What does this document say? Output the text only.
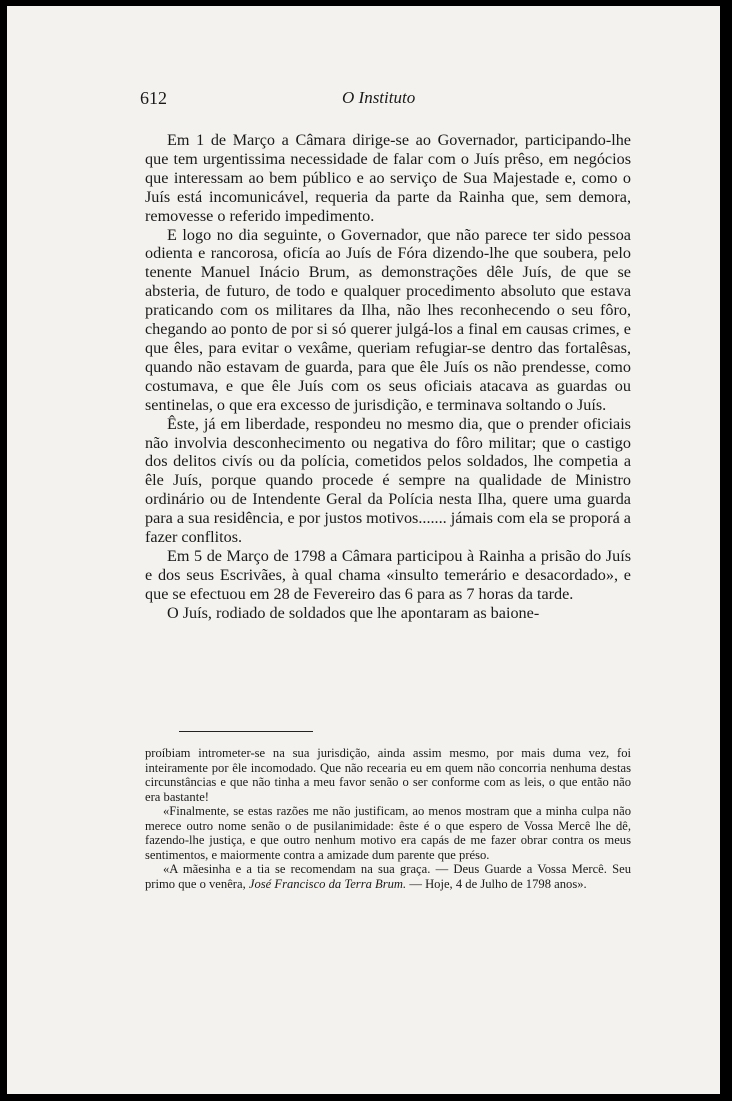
612	O Instituto

Em 1 de Março a Câmara dirige-se ao Governador, participando-lhe que tem urgentissima necessidade de falar com o Juís prêso, em negócios que interessam ao bem público e ao serviço de Sua Majestade e, como o Juís está incomunicável, requeria da parte da Rainha que, sem demora, removesse o referido impedimento.

E logo no dia seguinte, o Governador, que não parece ter sido pessoa odienta e rancorosa, oficía ao Juís de Fóra dizendo-lhe que soubera, pelo tenente Manuel Inácio Brum, as demonstrações dêle Juís, de que se absteria, de futuro, de todo e qualquer procedimento absoluto que estava praticando com os militares da Ilha, não lhes reconhecendo o seu fôro, chegando ao ponto de por si só querer julgá-los a final em causas crimes, e que êles, para evitar o vexâme, queriam refugiar-se dentro das fortalêsas, quando não estavam de guarda, para que êle Juís os não prendesse, como costumava, e que êle Juís com os seus oficiais atacava as guardas ou sentinelas, o que era excesso de jurisdição, e terminava soltando o Juís.

Êste, já em liberdade, respondeu no mesmo dia, que o prender oficiais não involvia desconhecimento ou negativa do fôro militar; que o castigo dos delitos civís ou da polícia, cometidos pelos soldados, lhe competia a êle Juís, porque quando procede é sempre na qualidade de Ministro ordinário ou de Intendente Geral da Polícia nesta Ilha, quere uma guarda para a sua residência, e por justos motivos....... jámais com ela se proporá a fazer conflitos.

Em 5 de Março de 1798 a Câmara participou à Rainha a prisão do Juís e dos seus Escrivães, à qual chama «insulto temerário e desacordado», e que se efectuou em 28 de Fevereiro das 6 para as 7 horas da tarde.

O Juís, rodiado de soldados que lhe apontaram as baione-

proíbiam intrometer-se na sua jurisdição, ainda assim mesmo, por mais duma vez, foi inteiramente por êle incomodado. Que não recearia eu em quem não concorria nenhuma destas circunstâncias e que não tinha a meu favor senão o ser conforme com as leis, o que então não era bastante!

«Finalmente, se estas razões me não justificam, ao menos mostram que a minha culpa não merece outro nome senão o de pusilanimidade: êste é o que espero de Vossa Mercê lhe dê, fazendo-lhe justiça, e que outro nenhum motivo era capás de me fazer obrar contra os meus sentimentos, e maiormente contra a amizade dum parente que préso.

«A mãesinha e a tia se recomendam na sua graça. — Deus Guarde a Vossa Mercê. Seu primo que o venêra, José Francisco da Terra Brum. — Hoje, 4 de Julho de 1798 anos».
